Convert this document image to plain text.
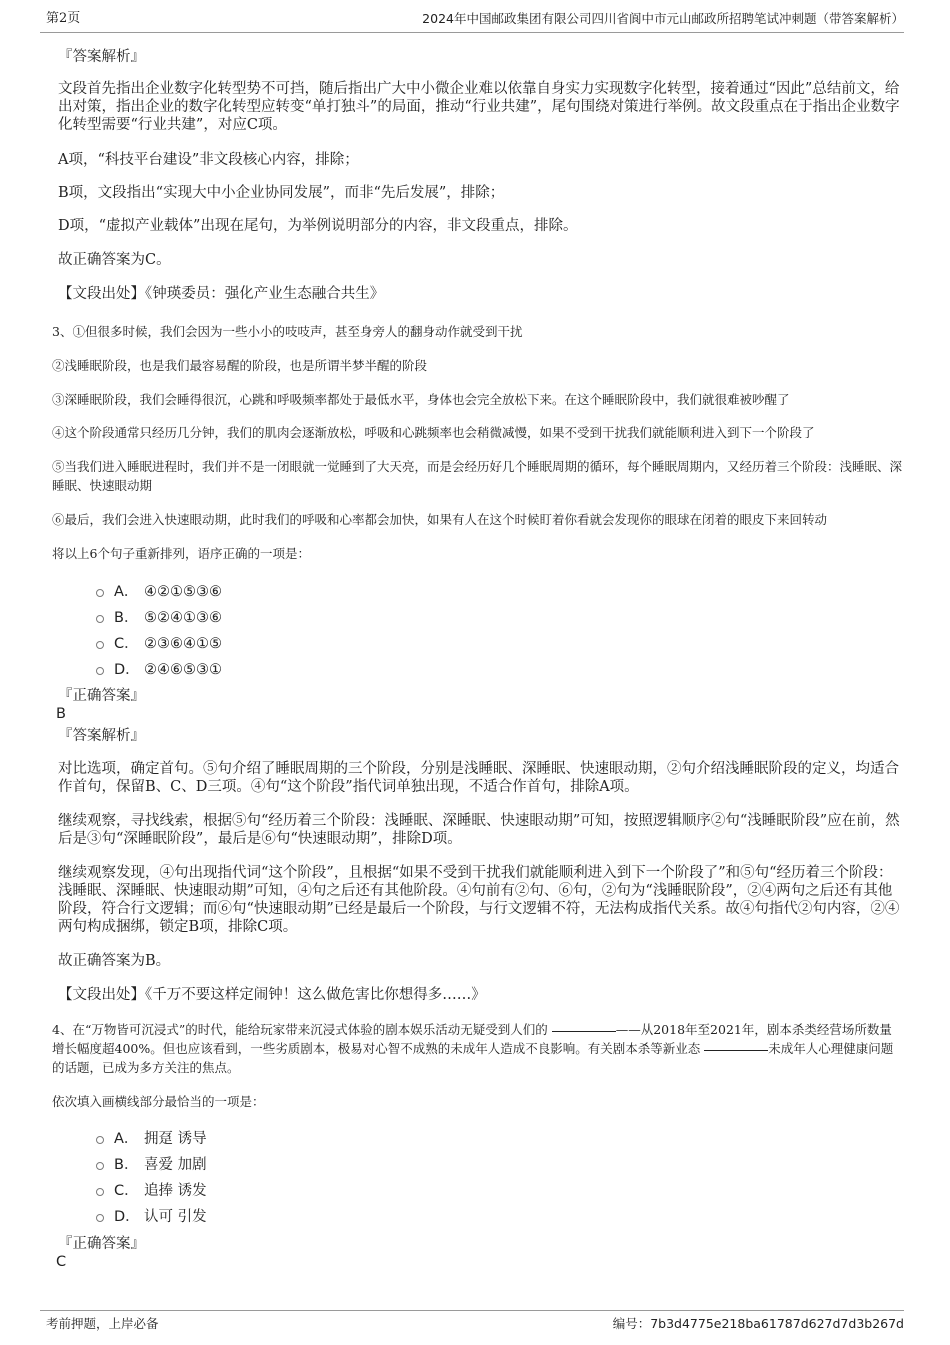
第2页	2024年中国邮政集团有限公司四川省阆中市元山邮政所招聘笔试冲刺题（带答案解析）
『答案解析』
文段首先指出企业数字化转型势不可挡，随后指出广大中小微企业难以依靠自身实力实现数字化转型，接着通过“因此”总结前文，给出对策，指出企业的数字化转型应转变“单打独斗”的局面，推动“行业共建”，尾句围绕对策进行举例。故文段重点在于指出企业数字化转型需要“行业共建”，对应C项。
A项，“科技平台建设”非文段核心内容，排除；
B项，文段指出“实现大中小企业协同发展”，而非“先后发展”，排除；
D项，“虚拟产业载体”出现在尾句，为举例说明部分的内容，非文段重点，排除。
故正确答案为C。
【文段出处】《钟瑛委员：强化产业生态融合共生》
3、①但很多时候，我们会因为一些小小的吱吱声，甚至身旁人的翻身动作就受到干扰
②浅睡眠阶段，也是我们最容易醒的阶段，也是所谓半梦半醒的阶段
③深睡眠阶段，我们会睡得很沉，心跳和呼吸频率都处于最低水平，身体也会完全放松下来。在这个睡眠阶段中，我们就很难被吵醒了
④这个阶段通常只经历几分钟，我们的肌肉会逐渐放松，呼吸和心跳频率也会稍微减慢，如果不受到干扰我们就能顺利进入到下一个阶段了
⑤当我们进入睡眠进程时，我们并不是一闭眼就一觉睡到了大天亮，而是会经历好几个睡眠周期的循环，每个睡眠周期内，又经历着三个阶段：浅睡眠、深睡眠、快速眼动期
⑥最后，我们会进入快速眼动期，此时我们的呼吸和心率都会加快，如果有人在这个时候盯着你看就会发现你的眼球在闭着的眼皮下来回转动
将以上6个句子重新排列，语序正确的一项是：
A． ④②①⑤③⑥
B． ⑤②④①③⑥
C． ②③⑥④①⑤
D． ②④⑥⑤③①
『正确答案』
B
『答案解析』
对比选项，确定首句。⑤句介绍了睡眠周期的三个阶段，分别是浅睡眠、深睡眠、快速眼动期，②句介绍浅睡眠阶段的定义，均适合作首句，保留B、C、D三项。④句“这个阶段”指代词单独出现，不适合作首句，排除A项。
继续观察，寻找线索，根据⑤句“经历着三个阶段：浅睡眠、深睡眠、快速眼动期”可知，按照逻辑顺序②句“浅睡眠阶段”应在前，然后是③句“深睡眠阶段”，最后是⑥句“快速眼动期”，排除D项。
继续观察发现，④句出现指代词“这个阶段”，且根据“如果不受到干扰我们就能顺利进入到下一个阶段了”和⑤句“经历着三个阶段：浅睡眠、深睡眠、快速眼动期”可知，④句之后还有其他阶段。④句前有②句、⑥句，②句为“浅睡眠阶段”，②④两句之后还有其他阶段，符合行文逻辑；而⑥句“快速眼动期”已经是最后一个阶段，与行文逻辑不符，无法构成指代关系。故④句指代②句内容，②④两句构成捆绑，锁定B项，排除C项。
故正确答案为B。
【文段出处】《千万不要这样定闹钟！这么做危害比你想得多……》
4、在“万物皆可沉浸式”的时代，能给玩家带来沉浸式体验的剧本娱乐活动无疑受到人们的	——从2018年至2021年，剧本杀类经营场所数量增长幅度超400%。但也应该看到，一些劣质剧本，极易对心智不成熟的未成年人造成不良影响。有关剧本杀等新业态	未成年人心理健康问题的话题，已成为多方关注的焦点。
依次填入画横线部分最恰当的一项是：
A． 拥趸 诱导
B． 喜爱 加剧
C． 追捧 诱发
D． 认可 引发
『正确答案』
C
考前押题，上岸必备	编号：7b3d4775e218ba61787d627d7d3b267d
